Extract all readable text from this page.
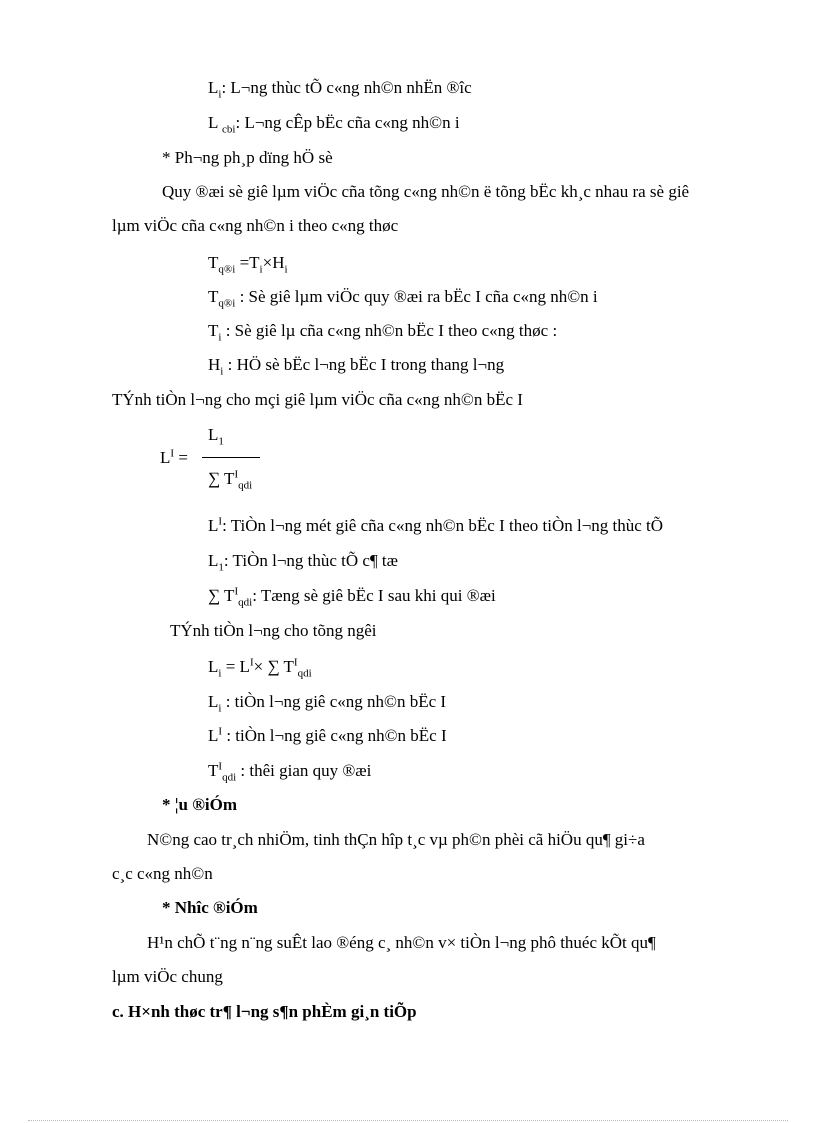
$L_i$: L¬ng thùc tÕ c«ng nh©n nhËn ®îc
L $_{cbi}$: L¬ng cÊp bËc cña c«ng nh©n i
* Ph¬ng ph¸p dïng hÖ sè
Quy ®æi sè giê lµm viÖc cña tõng c«ng nh©n ë tõng bËc kh¸c nhau ra sè giê
lµm viÖc cña c«ng nh©n i theo c«ng thøc
$T_{q®i} =T_i\times H_i$
$T_{q®i}$ : Sè giê lµm viÖc quy ®æi ra bËc I cña c«ng nh©n i
$T_i$ : Sè giê lµ cña c«ng nh©n bËc I theo c«ng thøc :
$H_i$ : HÖ sè bËc l¬ng bËc I trong thang l¬ng
TÝnh tiÒn l¬ng cho mçi giê lµm viÖc cña c«ng nh©n bËc I
$L^I$ =
$L_1$
∑ $T^I_{qdi}$
$L^I$: TiÒn l¬ng mét giê cña c«ng nh©n bËc I theo tiÒn l¬ng thùc tÕ
$L_1$: TiÒn l¬ng thùc tÕ c¶ tæ
∑ $T^I_{qdi}$: Tæng sè giê bËc I sau khi qui ®æi
TÝnh tiÒn l¬ng cho tõng ngêi
$L_i = L^I\times$ ∑ $T^I_{qdi}$
$L_i$ : tiÒn l¬ng giê c«ng nh©n bËc I
$L^I$ : tiÒn l¬ng giê c«ng nh©n bËc I
$T^I_{qdi}$ : thêi gian quy ®æi
* ¦u ®iÓm
N©ng cao tr¸ch nhiÖm, tinh thÇn hîp t¸c vµ ph©n phèi cã hiÖu qu¶ gi÷a
c¸c c«ng nh©n
* Nhîc ®iÓm
H¹n chÕ t¨ng n¨ng suÊt lao ®éng c¸ nh©n v× tiÒn l¬ng phô thuéc kÕt qu¶
lµm viÖc chung
c. H×nh thøc tr¶ l¬ng s¶n phÈm gi¸n tiÕp
